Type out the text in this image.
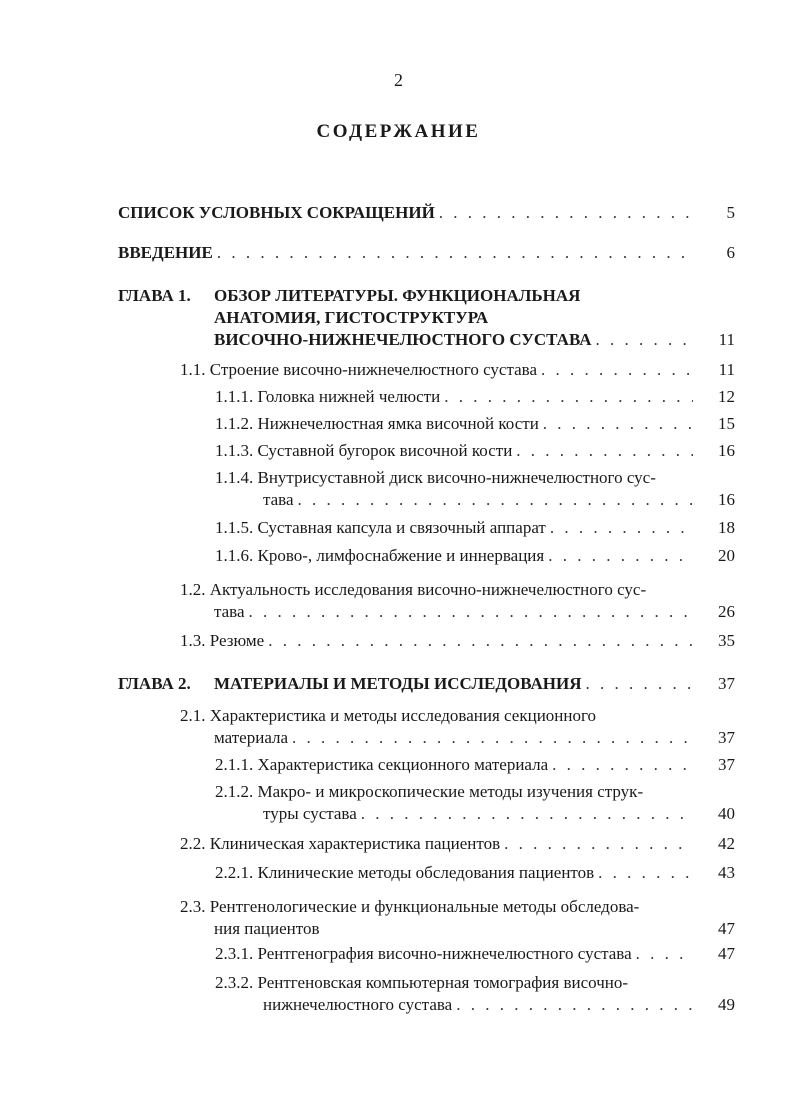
2
СОДЕРЖАНИЕ
СПИСОК УСЛОВНЫХ СОКРАЩЕНИЙ . . .	5
ВВЕДЕНИЕ . . .	6
ГЛАВА 1. ОБЗОР ЛИТЕРАТУРЫ. ФУНКЦИОНАЛЬНАЯ
АНАТОМИЯ, ГИСТОСТРУКТУРА
ВИСОЧНО-НИЖНЕЧЕЛЮСТНОГО СУСТАВА . . .	11
1.1. Строение височно-нижнечелюстного сустава . . .	11
1.1.1. Головка нижней челюсти . . .	12
1.1.2. Нижнечелюстная ямка височной кости . . .	15
1.1.3. Суставной бугорок височной кости . . .	16
1.1.4. Внутрисуставной диск височно-нижнечелюстного сус-
тава . . .	16
1.1.5. Суставная капсула и связочный аппарат . . .	18
1.1.6. Крово-, лимфоснабжение и иннервация . . .	20
1.2. Актуальность исследования височно-нижнечелюстного сус-
тава . . .	26
1.3. Резюме . . .	35
ГЛАВА 2.	МАТЕРИАЛЫ И МЕТОДЫ ИССЛЕДОВАНИЯ . . .	37
2.1. Характеристика и методы исследования секционного
материала . . .	37
2.1.1. Характеристика секционного материала . . .	37
2.1.2. Макро- и микроскопические методы изучения струк-
туры сустава . . .	40
2.2. Клиническая характеристика пациентов . . .	42
2.2.1. Клинические методы обследования пациентов . . .	43
2.3. Рентгенологические и функциональные методы обследова-
ния пациентов	47
2.3.1. Рентгенография височно-нижнечелюстного сустава . . .	47
2.3.2. Рентгеновская компьютерная томография височно-
нижнечелюстного сустава . . .	49
